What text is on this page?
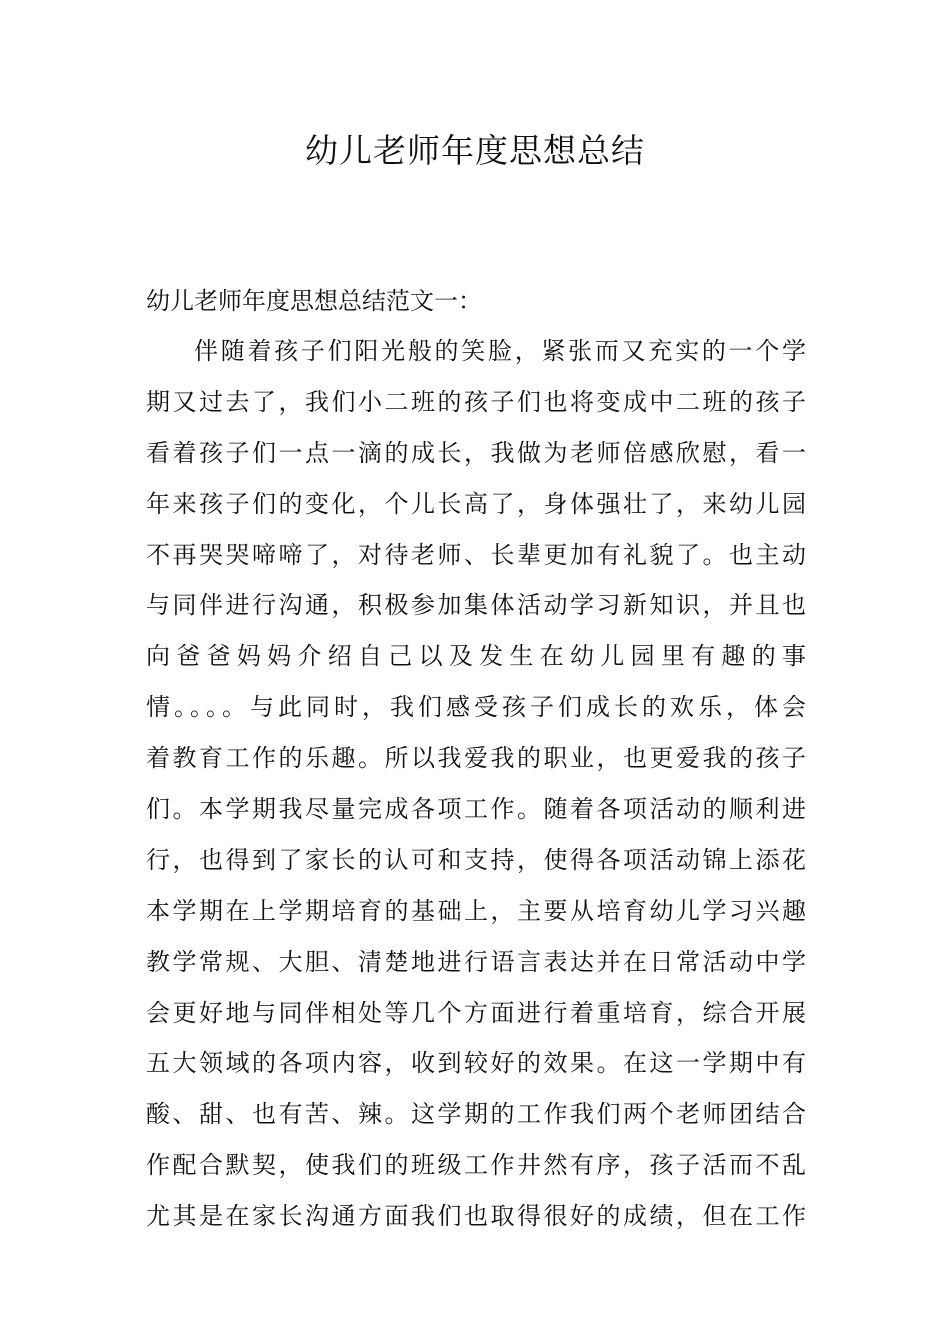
幼儿老师年度思想总结

幼儿老师年度思想总结范文一：

伴随着孩子们阳光般的笑脸，紧张而又充实的一个学
期又过去了，我们小二班的孩子们也将变成中二班的孩子
看着孩子们一点一滴的成长，我做为老师倍感欣慰，看一
年来孩子们的变化，个儿长高了，身体强壮了，来幼儿园
不再哭哭啼啼了，对待老师、长辈更加有礼貌了。也主动
与同伴进行沟通，积极参加集体活动学习新知识，并且也
向爸爸妈妈介绍自己以及发生在幼儿园里有趣的事
情。。。。与此同时，我们感受孩子们成长的欢乐，体会
着教育工作的乐趣。所以我爱我的职业，也更爱我的孩子
们。本学期我尽量完成各项工作。随着各项活动的顺利进
行，也得到了家长的认可和支持，使得各项活动锦上添花
本学期在上学期培育的基础上，主要从培育幼儿学习兴趣
教学常规、大胆、清楚地进行语言表达并在日常活动中学
会更好地与同伴相处等几个方面进行着重培育，综合开展
五大领域的各项内容，收到较好的效果。在这一学期中有
酸、甜、也有苦、辣。这学期的工作我们两个老师团结合
作配合默契，使我们的班级工作井然有序，孩子活而不乱
尤其是在家长沟通方面我们也取得很好的成绩，但在工作
